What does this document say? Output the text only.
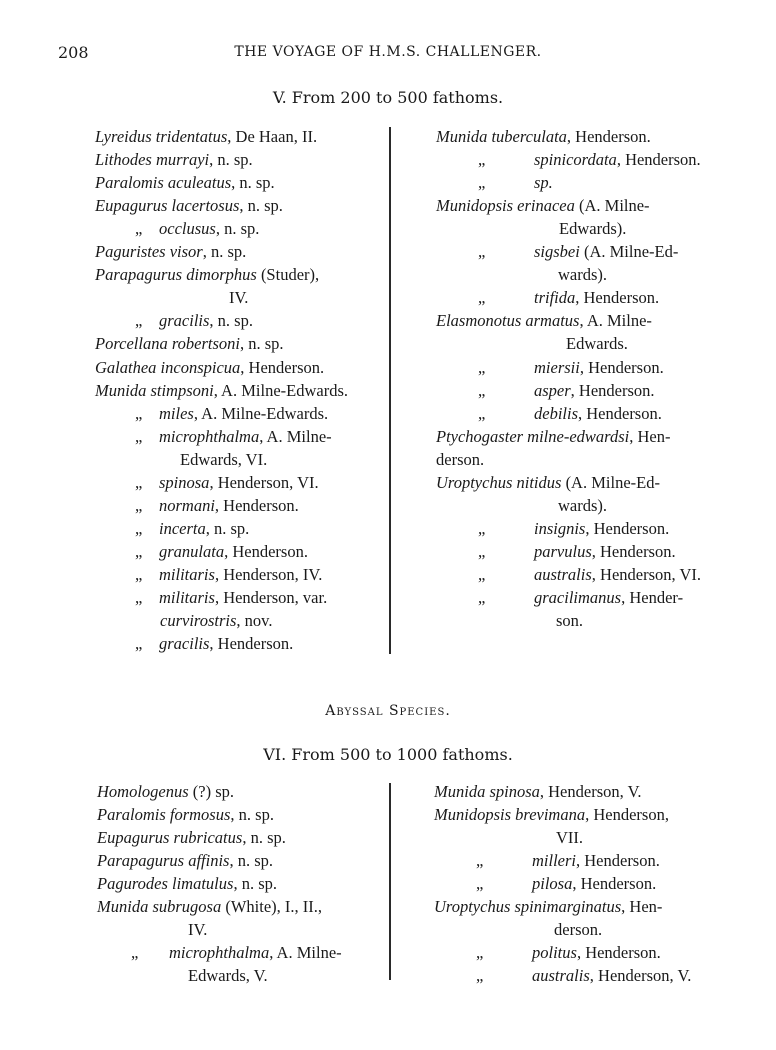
208	THE VOYAGE OF H.M.S. CHALLENGER.
V. From 200 to 500 fathoms.
Lyreidus tridentatus, De Haan, II.
Lithodes murrayi, n. sp.
Paralomis aculeatus, n. sp.
Eupagurus lacertosus, n. sp.
„ occlusus, n. sp.
Paguristes visor, n. sp.
Parapagurus dimorphus (Studer),
IV.
„ gracilis, n. sp.
Porcellana robertsoni, n. sp.
Galathea inconspicua, Henderson.
Munida stimpsoni, A. Milne-Edwards.
„ miles, A. Milne-Edwards.
„ microphthalma, A. Milne-
Edwards, VI.
„ spinosa, Henderson, VI.
„ normani, Henderson.
„ incerta, n. sp.
„ granulata, Henderson.
„ militaris, Henderson, IV.
„ militaris, Henderson, var.
curvirostris, nov.
„ gracilis, Henderson.
Munida tuberculata, Henderson.
„	spinicordata, Henderson.
„	sp.
Munidopsis erinacea (A. Milne-
Edwards).
„	sigsbei (A. Milne-Ed-
wards).
„	trifida, Henderson.
Elasmonotus armatus, A. Milne-
Edwards.
„	miersii, Henderson.
„	asper, Henderson.
„	debilis, Henderson.
Ptychogaster milne-edwardsi, Hen-
derson.
Uroptychus nitidus (A. Milne-Ed-
wards).
„	insignis, Henderson.
„	parvulus, Henderson.
„	australis, Henderson, VI.
„	gracilimanus, Hender-
son.
Abyssal Species.
VI. From 500 to 1000 fathoms.
Homologenus (?) sp.
Paralomis formosus, n. sp.
Eupagurus rubricatus, n. sp.
Parapagurus affinis, n. sp.
Pagurodes limatulus, n. sp.
Munida subrugosa (White), I., II.,
IV.
„ microphthalma, A. Milne-
Edwards, V.
Munida spinosa, Henderson, V.
Munidopsis brevimana, Henderson,
VII.
„	milleri, Henderson.
„	pilosa, Henderson.
Uroptychus spinimarginatus, Hen-
derson.
„	politus, Henderson.
„	australis, Henderson, V.
